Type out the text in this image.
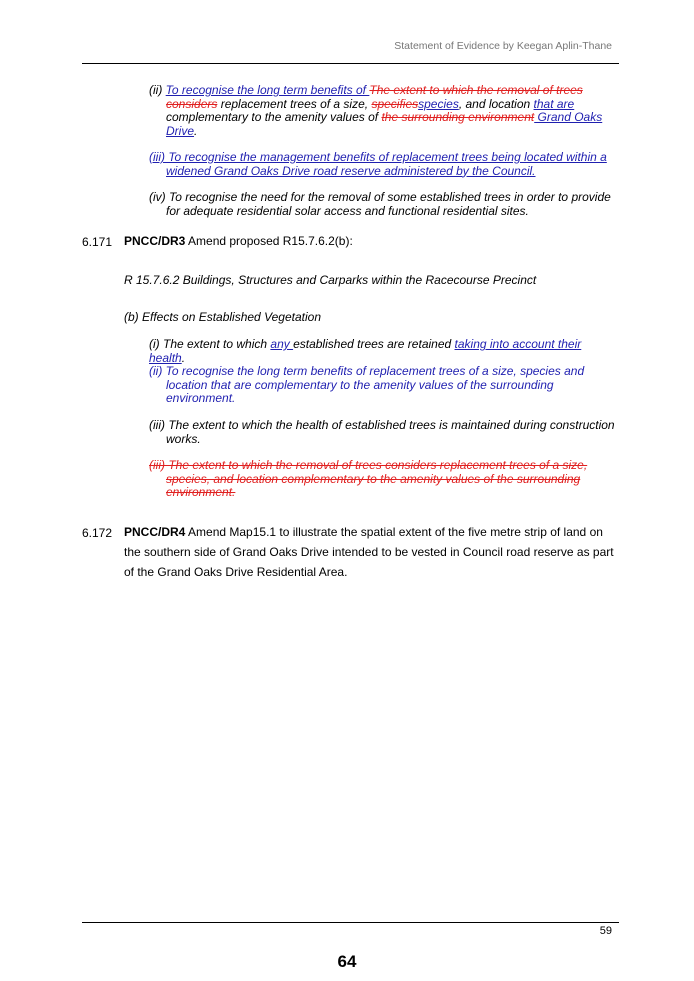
Statement of Evidence by Keegan Aplin-Thane
(ii) To recognise the long term benefits of The extent to which the removal of trees considers replacement trees of a size, specifiesspecies, and location that are complementary to the amenity values of the surrounding environment Grand Oaks Drive.
(iii) To recognise the management benefits of replacement trees being located within a widened Grand Oaks Drive road reserve administered by the Council.
(iv) To recognise the need for the removal of some established trees in order to provide for adequate residential solar access and functional residential sites.
6.171 PNCC/DR3 Amend proposed R15.7.6.2(b):
R 15.7.6.2 Buildings, Structures and Carparks within the Racecourse Precinct
(b) Effects on Established Vegetation
(i) The extent to which any established trees are retained taking into account their health.
(ii) To recognise the long term benefits of replacement trees of a size, species and location that are complementary to the amenity values of the surrounding environment.
(iii) The extent to which the health of established trees is maintained during construction works.
(iii) The extent to which the removal of trees considers replacement trees of a size, species, and location complementary to the amenity values of the surrounding environment.
6.172 PNCC/DR4 Amend Map15.1 to illustrate the spatial extent of the five metre strip of land on the southern side of Grand Oaks Drive intended to be vested in Council road reserve as part of the Grand Oaks Drive Residential Area.
59
64
